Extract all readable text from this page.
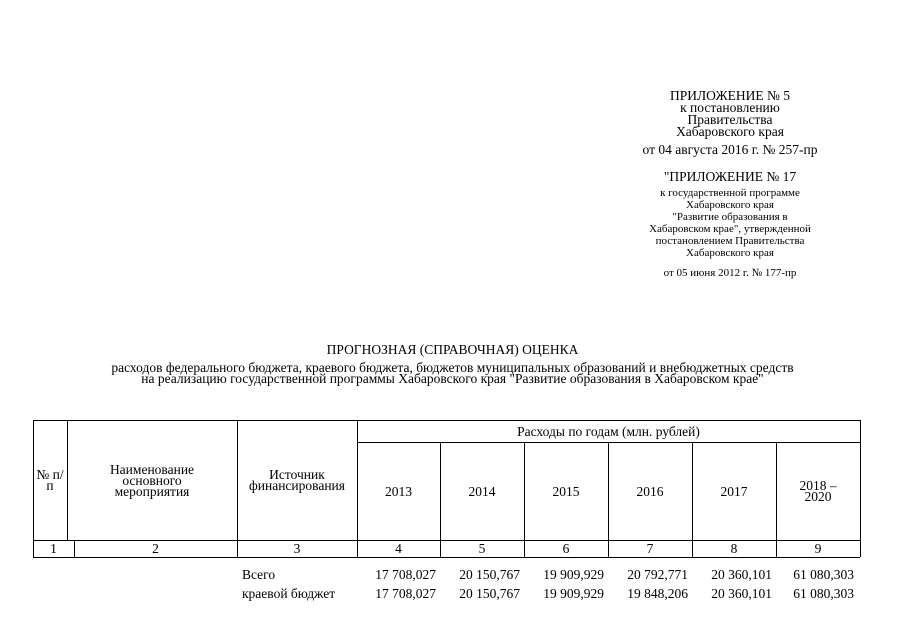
ПРИЛОЖЕНИЕ № 5
к постановлению
Правительства
Хабаровского края
от 04 августа 2016 г. № 257-пр
"ПРИЛОЖЕНИЕ № 17
к государственной программе
Хабаровского края
"Развитие образования в
Хабаровском крае", утвержденной
постановлением Правительства
Хабаровского края
от 05 июня 2012 г. № 177-пр
ПРОГНОЗНАЯ (СПРАВОЧНАЯ) ОЦЕНКА
расходов федерального бюджета, краевого бюджета, бюджетов муниципальных образований и внебюджетных средств
на реализацию государственной программы Хабаровского края "Развитие образования в Хабаровском крае"
№ п/п
Наименование основного мероприятия
Источник финансирования
Расходы по годам (млн. рублей)
2013	2014	2015	2016	2017	2018 – 2020
1	2	3	4	5	6	7	8	9
Всего	17 708,027	20 150,767	19 909,929	20 792,771	20 360,101	61 080,303
краевой бюджет	17 708,027	20 150,767	19 909,929	19 848,206	20 360,101	61 080,303
